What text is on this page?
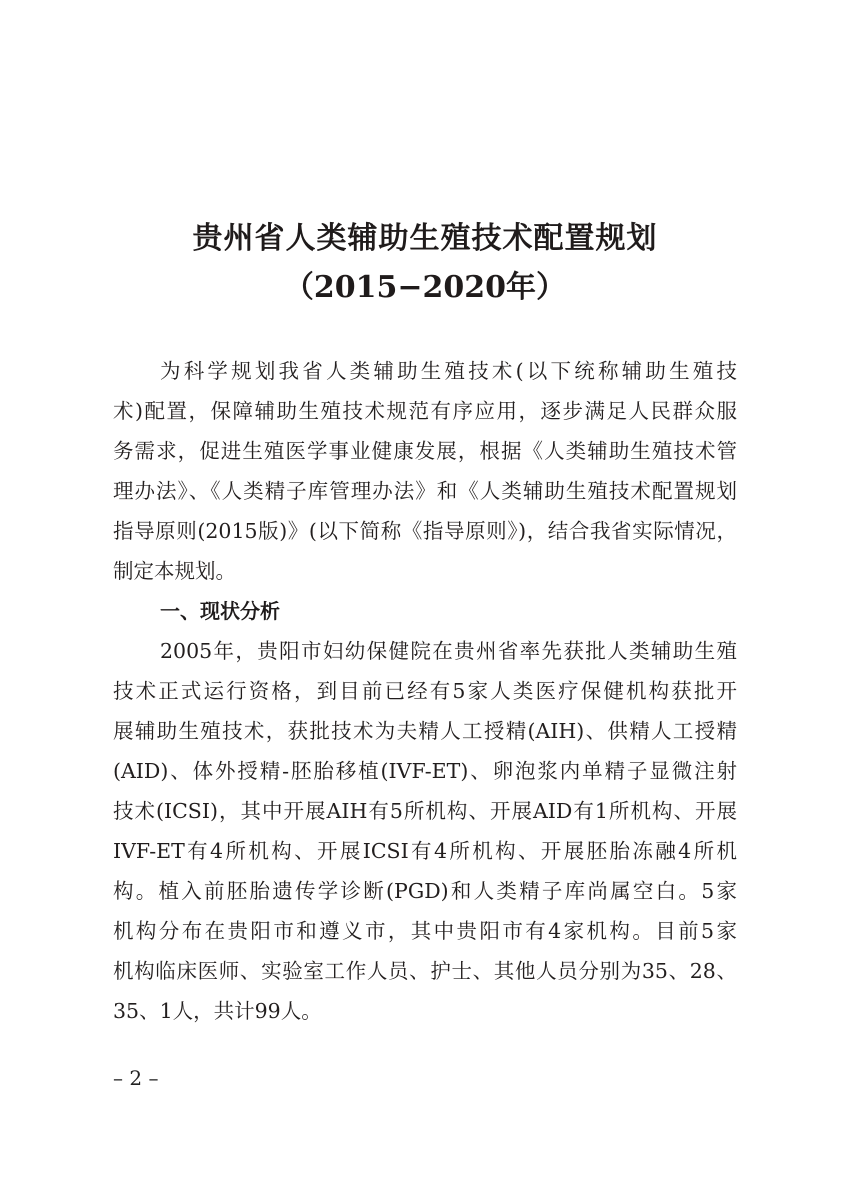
贵州省人类辅助生殖技术配置规划
（2015−2020年）
为科学规划我省人类辅助生殖技术(以下统称辅助生殖技
术)配置，保障辅助生殖技术规范有序应用，逐步满足人民群众服
务需求，促进生殖医学事业健康发展，根据《人类辅助生殖技术管
理办法》、《人类精子库管理办法》和《人类辅助生殖技术配置规划
指导原则(2015版)》(以下简称《指导原则》)，结合我省实际情况，
制定本规划。
一、现状分析
2005年，贵阳市妇幼保健院在贵州省率先获批人类辅助生殖
技术正式运行资格，到目前已经有5家人类医疗保健机构获批开
展辅助生殖技术，获批技术为夫精人工授精(AIH)、供精人工授精
(AID)、体外授精-胚胎移植(IVF-ET)、卵泡浆内单精子显微注射
技术(ICSI)，其中开展AIH有5所机构、开展AID有1所机构、开展
IVF-ET有4所机构、开展ICSI有4所机构、开展胚胎冻融4所机
构。植入前胚胎遗传学诊断(PGD)和人类精子库尚属空白。5家
机构分布在贵阳市和遵义市，其中贵阳市有4家机构。目前5家
机构临床医师、实验室工作人员、护士、其他人员分别为35、28、
35、1人，共计99人。
– 2 –
